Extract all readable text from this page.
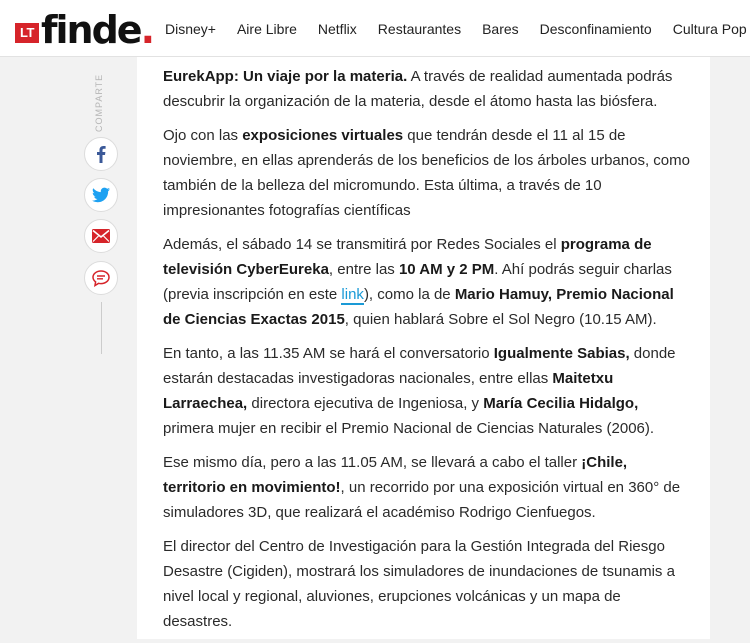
LT finde. Disney+ Aire Libre Netflix Restaurantes Bares Desconfinamiento Cultura Pop
COMPARTE	EurekApp: Un viaje por la materia. A través de realidad aumentada podrás descubrir la organización de la materia, desde el átomo hasta las biósfera.

Ojo con las exposiciones virtuales que tendrán desde el 11 al 15 de noviembre, en ellas aprenderás de los beneficios de los árboles urbanos, como también de la belleza del micromundo. Esta última, a través de 10 impresionantes fotografías científicas

Además, el sábado 14 se transmitirá por Redes Sociales el programa de televisión CyberEureka, entre las 10 AM y 2 PM. Ahí podrás seguir charlas (previa inscripción en este link), como la de Mario Hamuy, Premio Nacional de Ciencias Exactas 2015, quien hablará Sobre el Sol Negro (10.15 AM).

En tanto, a las 11.35 AM se hará el conversatorio Igualmente Sabias, donde estarán destacadas investigadoras nacionales, entre ellas Maitetxu Larraechea, directora ejecutiva de Ingeniosa, y María Cecilia Hidalgo, primera mujer en recibir el Premio Nacional de Ciencias Naturales (2006).

Ese mismo día, pero a las 11.05 AM, se llevará a cabo el taller ¡Chile, territorio en movimiento!, un recorrido por una exposición virtual en 360° de simuladores 3D, que realizará el académiso Rodrigo Cienfuegos.

El director del Centro de Investigación para la Gestión Integrada del Riesgo Desastre (Cigiden), mostrará los simuladores de inundaciones de tsunamis a nivel local y regional, aluviones, erupciones volcánicas y un mapa de desastres.
